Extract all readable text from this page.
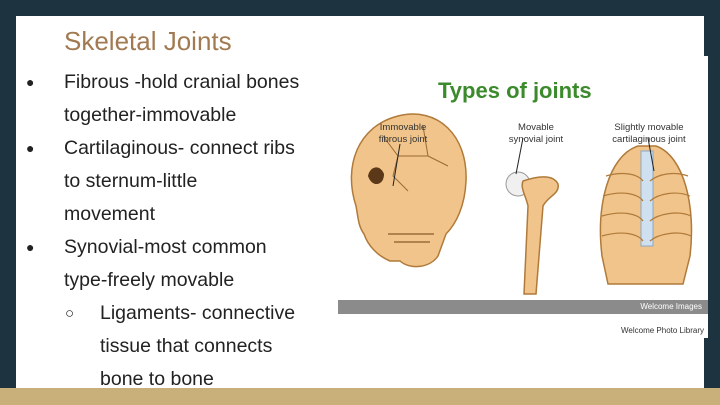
Skeletal Joints
● Fibrous -hold cranial bones
together-immovable
● Cartilaginous- connect ribs
to sternum-little
movement
● Synovial-most common
type-freely movable
○ Ligaments- connective
tissue that connects
bone to bone
Types of joints
Immovable
fibrous joint
Movable
synovial joint
Slightly movable
cartilaginous joint
Welcome Images
Welcome Photo Library
